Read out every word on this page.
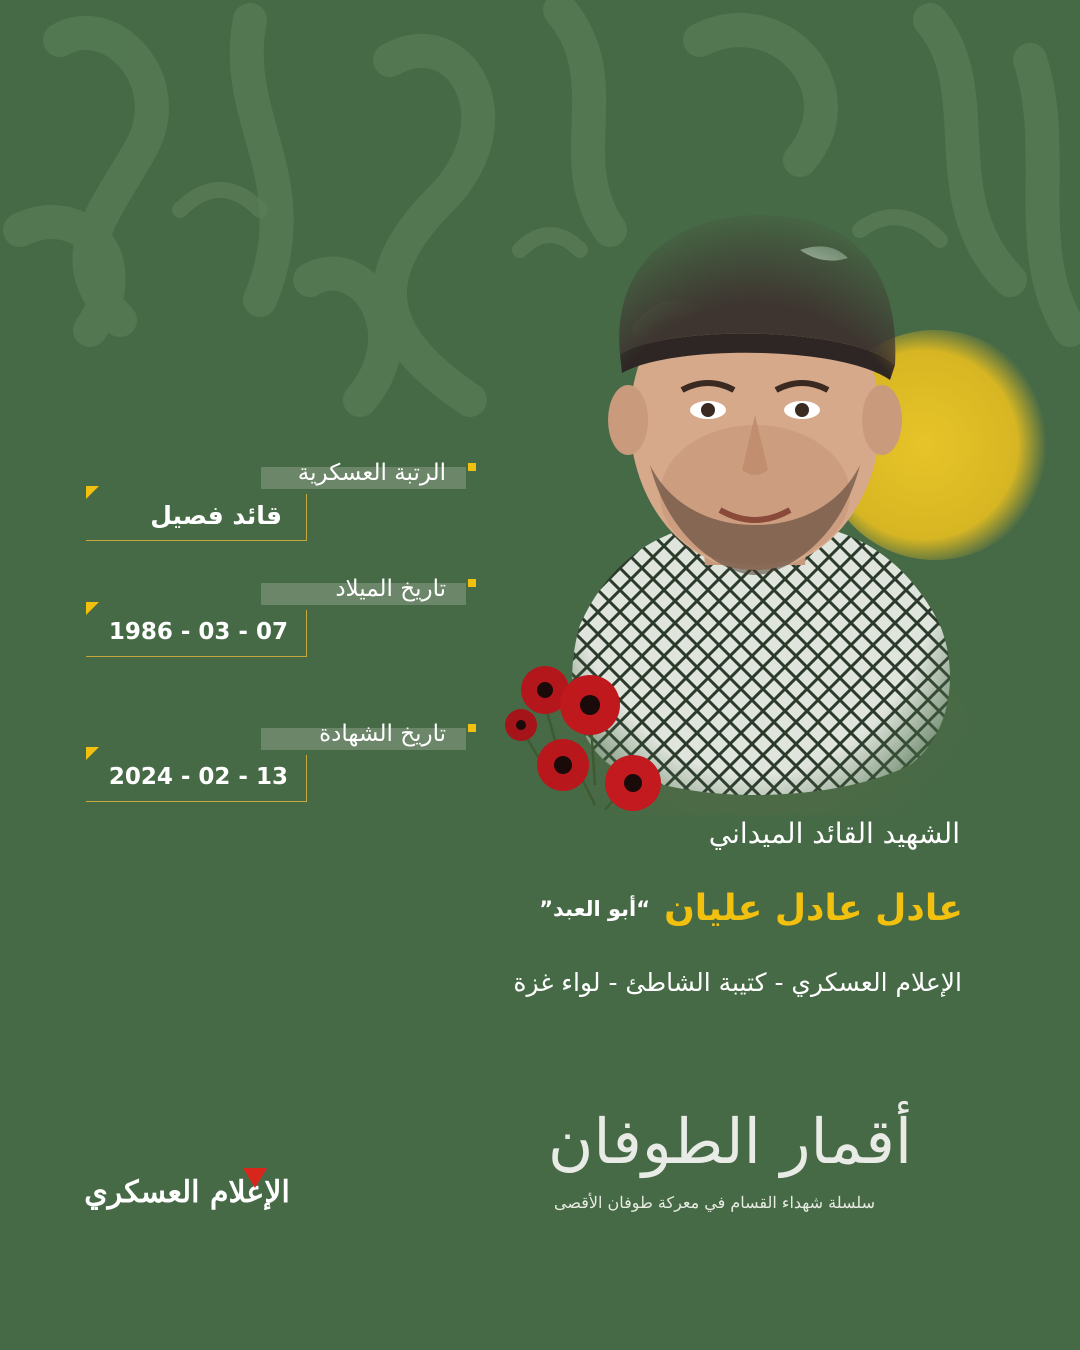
الرتبة العسكرية
قائد فصيل
تاريخ الميلاد
07 - 03 - 1986
تاريخ الشهادة
13 - 02 - 2024
الشهيد القائد الميداني
عادل عادل عليان“أبو العبد”
الإعلام العسكري - كتيبة الشاطئ - لواء غزة
أقمار الطوفان
سلسلة شهداء القسام في معركة طوفان الأقصى
الإعلام العسكري
